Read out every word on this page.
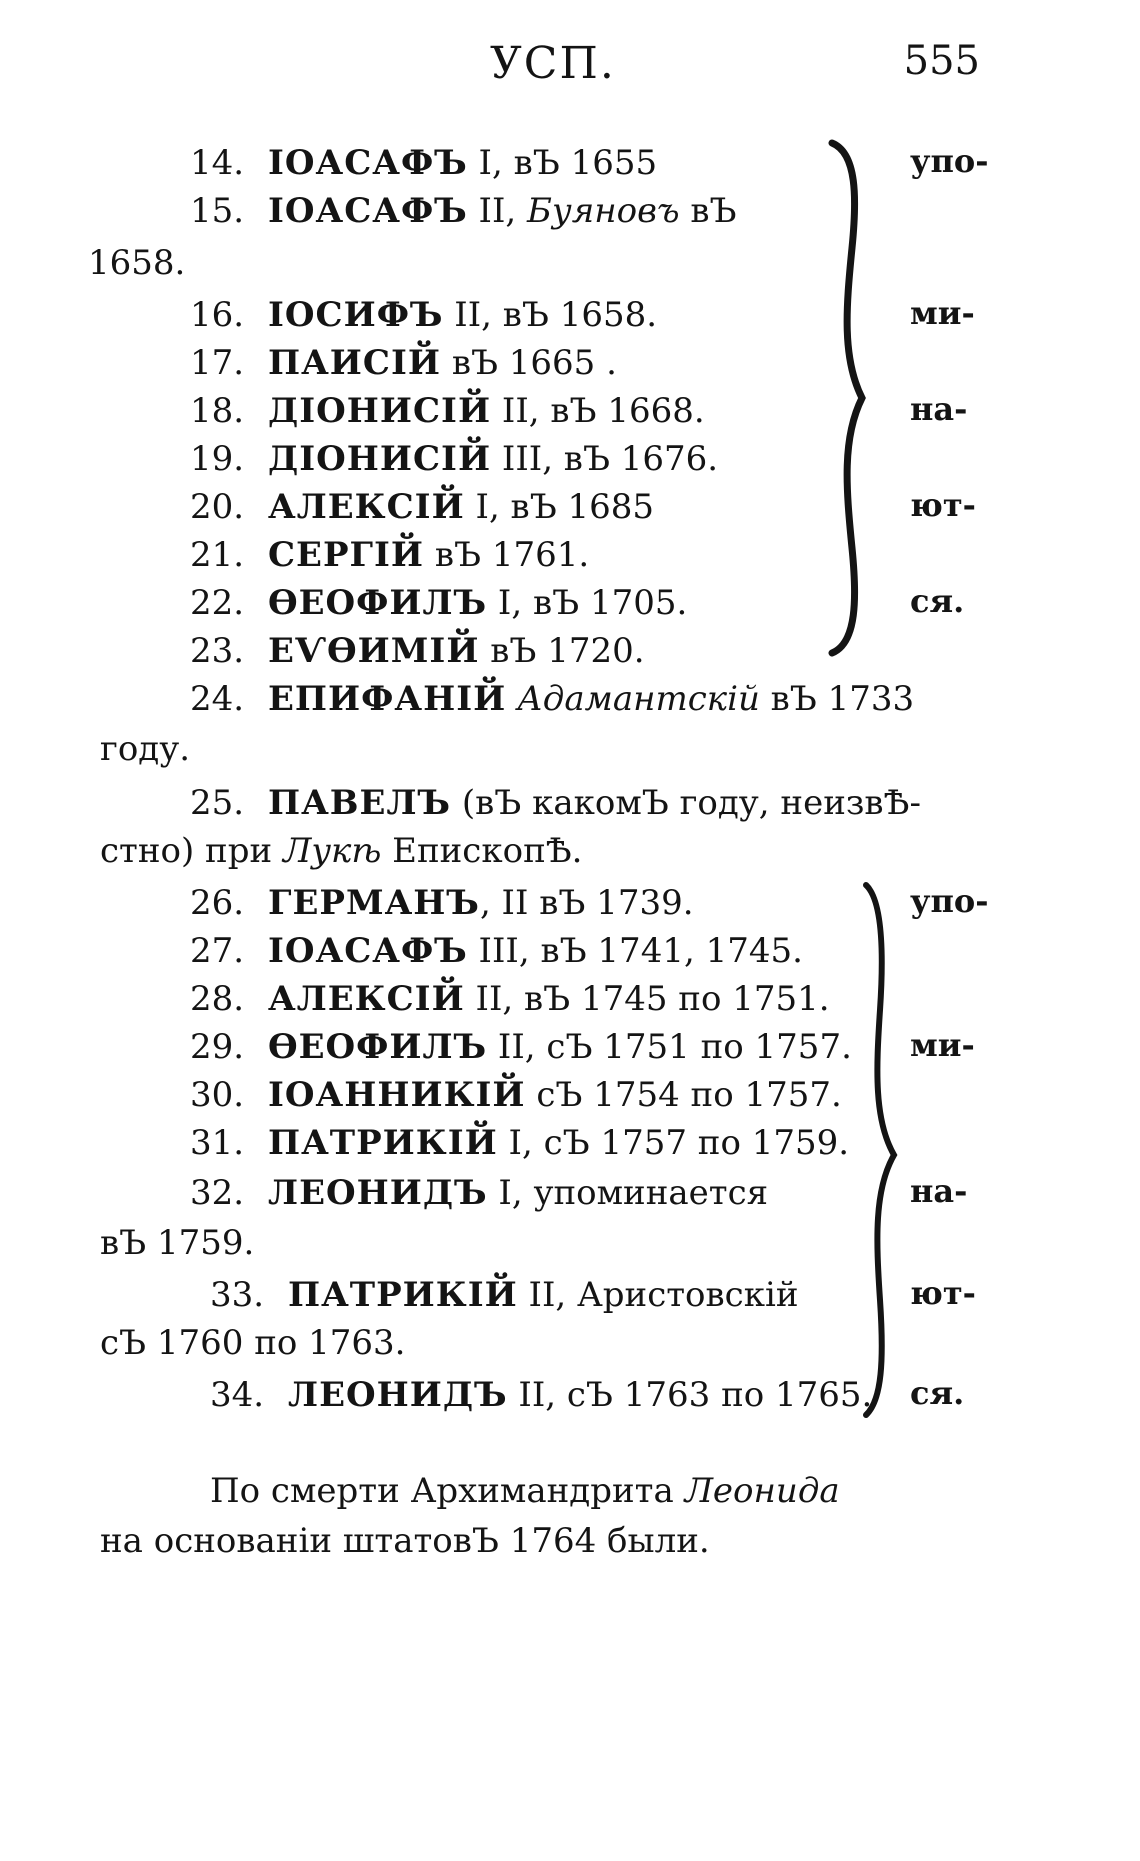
УСП.	555
14. IОАСАФЪ I, вЪ 1655
15. IОАСАФЪ II, Буяновъ вЪ
1658.
16. IОСИФЪ II, вЪ 1658.
17. ПАИСIЙ вЪ 1665 .
18. ДIОНИСIЙ II, вЪ 1668.
19. ДIОНИСIЙ III, вЪ 1676.
20. АЛЕКСIЙ I, вЪ 1685
21. СЕРГIЙ вЪ 1761.
22. ѲЕОФИЛЪ I, вЪ 1705.
23. ЕѴѲИМIЙ вЪ 1720.
упо-
ми-
на-
ют-
ся.
24. ЕПИФАНIЙ Адамантскiй вЪ 1733
году.
25. ПАВЕЛЪ (вЪ какомЪ году, неизвѢ-
стно) при Лукѣ ЕпископѢ.
26. ГЕРМАНЪ, II вЪ 1739.
27. IОАСАФЪ III, вЪ 1741, 1745.
28. АЛЕКСIЙ II, вЪ 1745 по 1751.
29. ѲЕОФИЛЪ II, сЪ 1751 по 1757.
30. IОАННИКIЙ сЪ 1754 по 1757.
31. ПАТРИКIЙ I, сЪ 1757 по 1759.
32. ЛЕОНИДЪ I, упоминается
вЪ 1759.
33. ПАТРИКIЙ II, Аристовскiй
сЪ 1760 по 1763.
34. ЛЕОНИДЪ II, сЪ 1763 по 1765.
упо-
ми-
на-
ют-
ся.
По смерти Архимандрита Леонида
на основанiи штатовЪ 1764 были.
